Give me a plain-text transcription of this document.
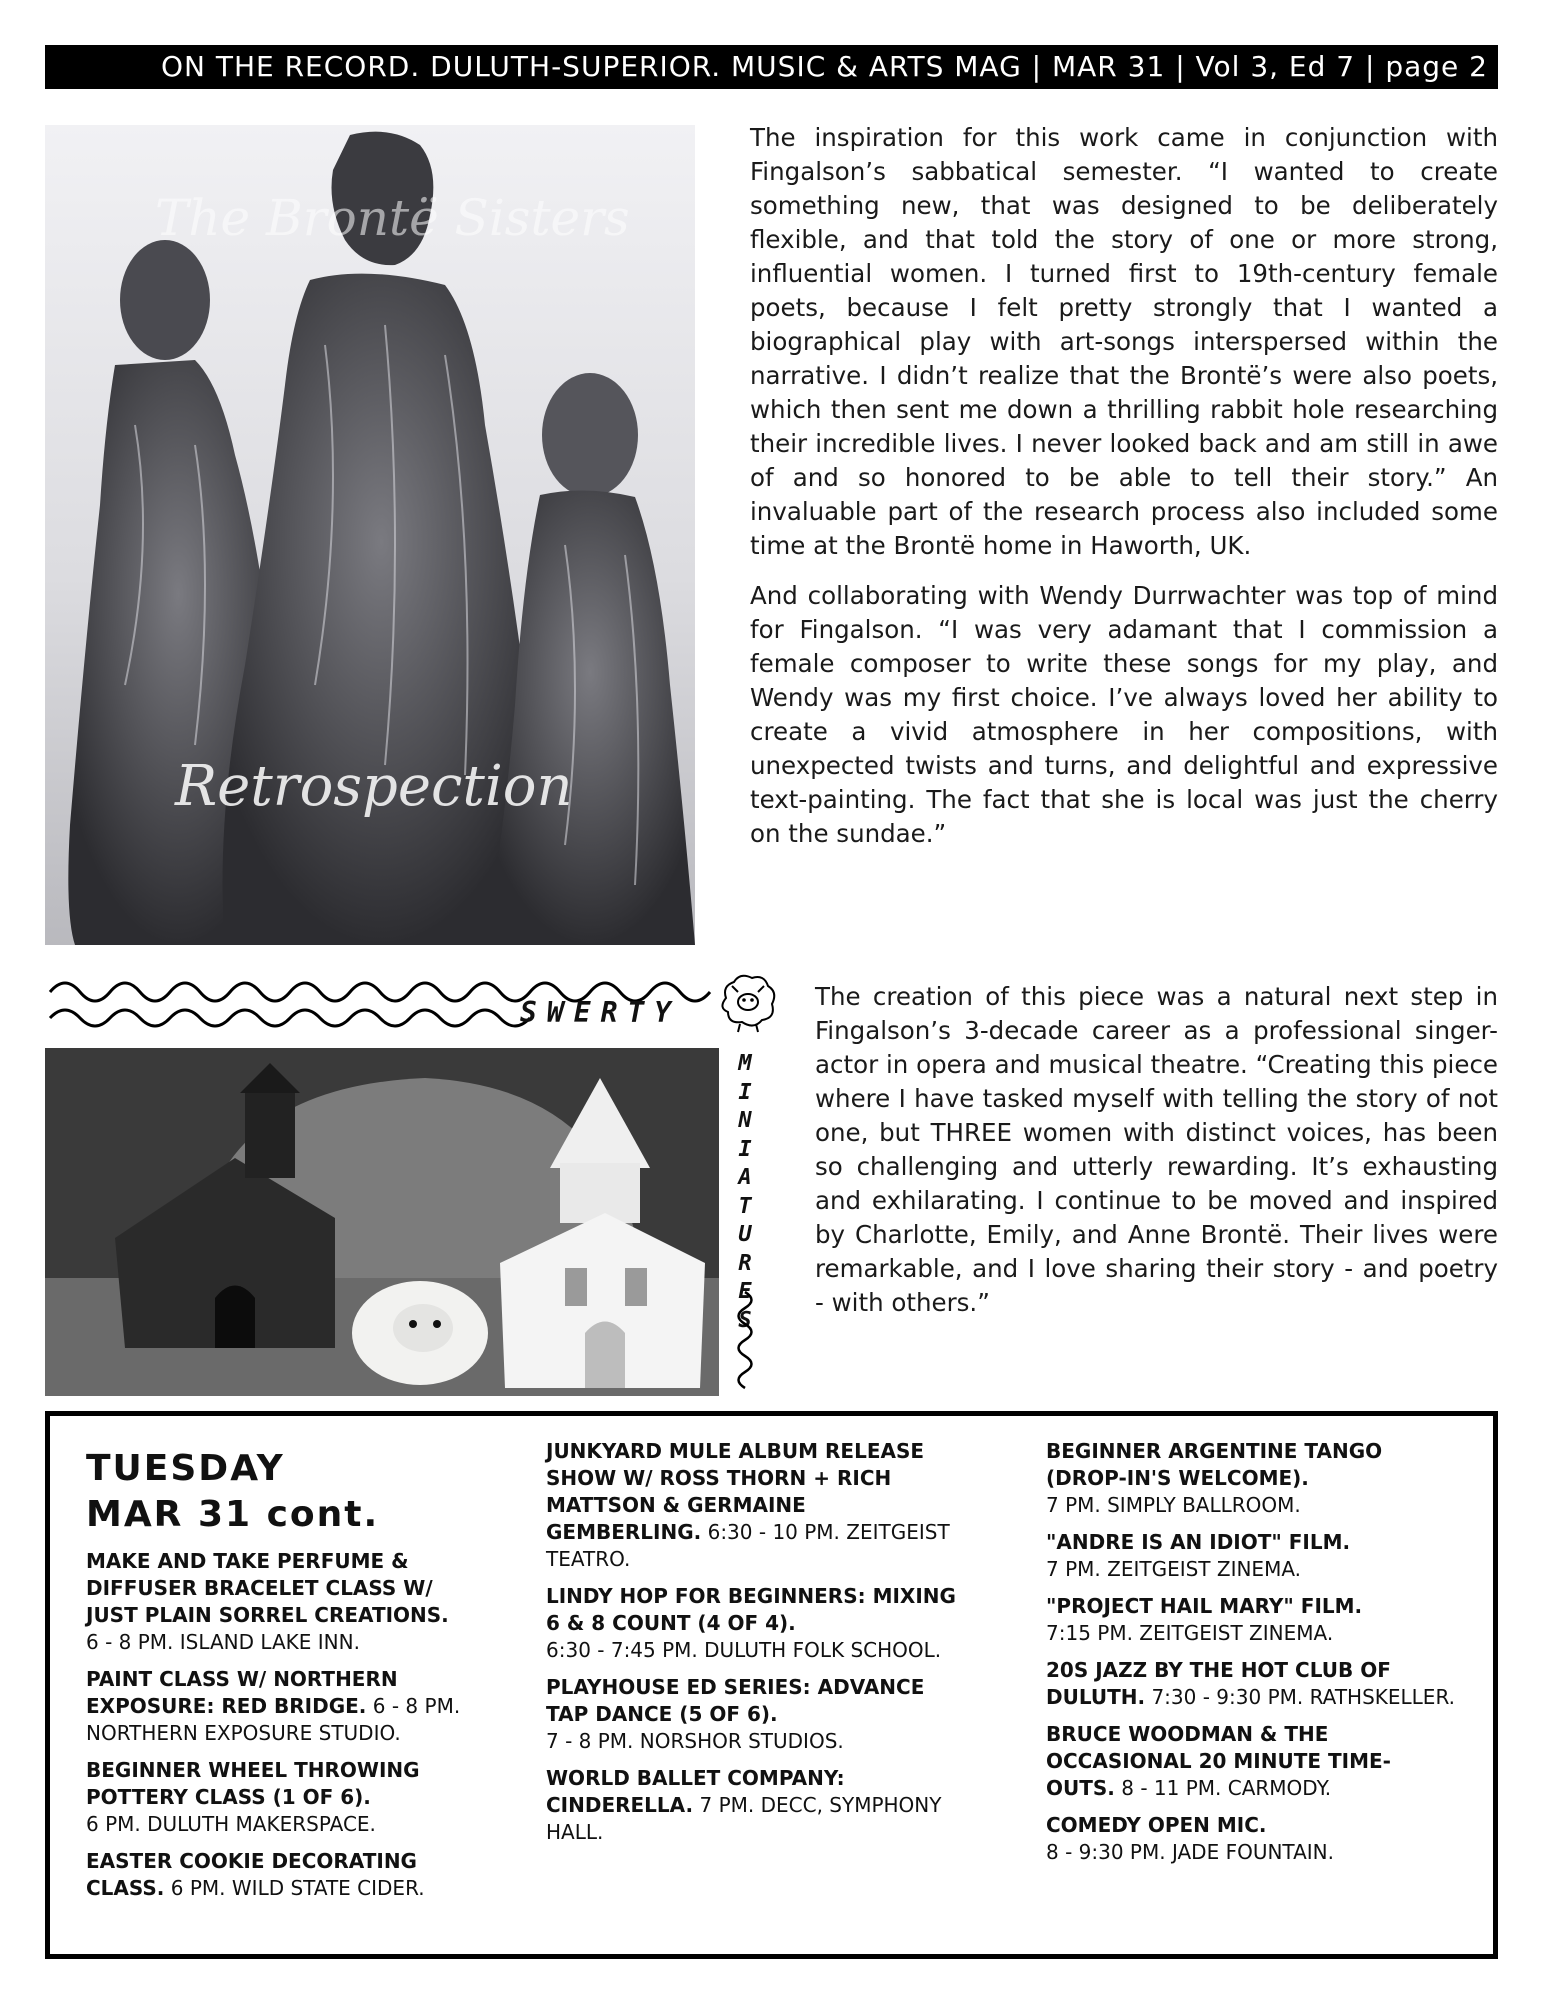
ON THE RECORD. DULUTH-SUPERIOR. MUSIC & ARTS MAG | MAR 31 | Vol 3, Ed 7 | page 2
The Brontë Sisters
Retrospection
SWERTY
M
I
N
I
A
T
U
R
E
S

The inspiration for this work came in conjunction with Fingalson’s sabbatical semester. “I wanted to create something new, that was designed to be deliberately flexible, and that told the story of one or more strong, influential women. I turned first to 19th-century female poets, because I felt pretty strongly that I wanted a biographical play with art-songs interspersed within the narrative. I didn’t realize that the Brontë’s were also poets, which then sent me down a thrilling rabbit hole researching their incredible lives. I never looked back and am still in awe of and so honored to be able to tell their story.” An invaluable part of the research process also included some time at the Brontë home in Haworth, UK.

And collaborating with Wendy Durrwachter was top of mind for Fingalson. “I was very adamant that I commission a female composer to write these songs for my play, and Wendy was my first choice. I’ve always loved her ability to create a vivid atmosphere in her compositions, with unexpected twists and turns, and delightful and expressive text-painting. The fact that she is local was just the cherry on the sundae.”

The creation of this piece was a natural next step in Fingalson’s 3-decade career as a professional singer-actor in opera and musical theatre. “Creating this piece where I have tasked myself with telling the story of not one, but THREE women with distinct voices, has been so challenging and utterly rewarding. It’s exhausting and exhilarating. I continue to be moved and inspired by Charlotte, Emily, and Anne Brontë. Their lives were remarkable, and I love sharing their story - and poetry - with others.”

TUESDAY
MAR 31 cont.
MAKE AND TAKE PERFUME & DIFFUSER BRACELET CLASS W/ JUST PLAIN SORREL CREATIONS.
6 - 8 PM. ISLAND LAKE INN.
PAINT CLASS W/ NORTHERN EXPOSURE: RED BRIDGE. 6 - 8 PM. NORTHERN EXPOSURE STUDIO.
BEGINNER WHEEL THROWING POTTERY CLASS (1 OF 6).
6 PM. DULUTH MAKERSPACE.
EASTER COOKIE DECORATING CLASS. 6 PM. WILD STATE CIDER.
JUNKYARD MULE ALBUM RELEASE SHOW W/ ROSS THORN + RICH MATTSON & GERMAINE GEMBERLING. 6:30 - 10 PM. ZEITGEIST TEATRO.
LINDY HOP FOR BEGINNERS: MIXING 6 & 8 COUNT (4 OF 4).
6:30 - 7:45 PM. DULUTH FOLK SCHOOL.
PLAYHOUSE ED SERIES: ADVANCE TAP DANCE (5 OF 6).
7 - 8 PM. NORSHOR STUDIOS.
WORLD BALLET COMPANY: CINDERELLA. 7 PM. DECC, SYMPHONY HALL.
BEGINNER ARGENTINE TANGO (DROP-IN'S WELCOME).
7 PM. SIMPLY BALLROOM.
"ANDRE IS AN IDIOT" FILM.
7 PM. ZEITGEIST ZINEMA.
"PROJECT HAIL MARY" FILM.
7:15 PM. ZEITGEIST ZINEMA.
20S JAZZ BY THE HOT CLUB OF DULUTH. 7:30 - 9:30 PM. RATHSKELLER.
BRUCE WOODMAN & THE OCCASIONAL 20 MINUTE TIME-OUTS. 8 - 11 PM. CARMODY.
COMEDY OPEN MIC.
8 - 9:30 PM. JADE FOUNTAIN.
